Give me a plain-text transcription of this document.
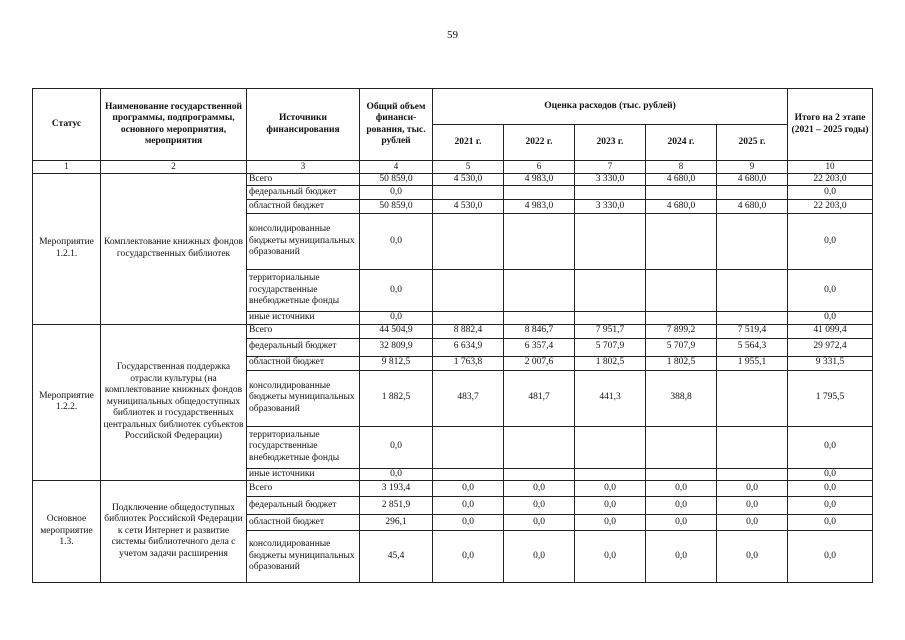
59
Статус	Наименование государственной программы, подпрограммы, основного мероприятия, мероприятия	Источники финансирования	Общий объем финанси-рования, тыс. рублей	Оценка расходов (тыс. рублей)					Итого на 2 этапе (2021 – 2025 годы)
				2021 г.	2022 г.	2023 г.	2024 г.	2025 г.	
1	2	3	4	5	6	7	8	9	10
Мероприятие 1.2.1.	Комплектование книжных фондов государственных библиотек	Всего	50 859,0	4 530,0	4 983,0	3 330,0	4 680,0	4 680,0	22 203,0
		федеральный бюджет	0,0						0,0
		областной бюджет	50 859,0	4 530,0	4 983,0	3 330,0	4 680,0	4 680,0	22 203,0
		консолидированные бюджеты муниципальных образований	0,0						0,0
		территориальные государственные внебюджетные фонды	0,0						0,0
		иные источники	0,0						0,0
Мероприятие 1.2.2.	Государственная поддержка отрасли культуры (на комплектование книжных фондов муниципальных общедоступных библиотек и государственных центральных библиотек субъектов Российской Федерации)	Всего	44 504,9	8 882,4	8 846,7	7 951,7	7 899,2	7 519,4	41 099,4
		федеральный бюджет	32 809,9	6 634,9	6 357,4	5 707,9	5 707,9	5 564,3	29 972,4
		областной бюджет	9 812,5	1 763,8	2 007,6	1 802,5	1 802,5	1 955,1	9 331,5
		консолидированные бюджеты муниципальных образований	1 882,5	483,7	481,7	441,3	388,8		1 795,5
		территориальные государственные внебюджетные фонды	0,0						0,0
		иные источники	0,0						0,0
Основное мероприятие 1.3.	Подключение общедоступных библиотек Российской Федерации к сети Интернет и развитие системы библиотечного дела с учетом задачи расширения	Всего	3 193,4	0,0	0,0	0,0	0,0	0,0	0,0
		федеральный бюджет	2 851,9	0,0	0,0	0,0	0,0	0,0	0,0
		областной бюджет	296,1	0,0	0,0	0,0	0,0	0,0	0,0
		консолидированные бюджеты муниципальных образований	45,4	0,0	0,0	0,0	0,0	0,0	0,0
